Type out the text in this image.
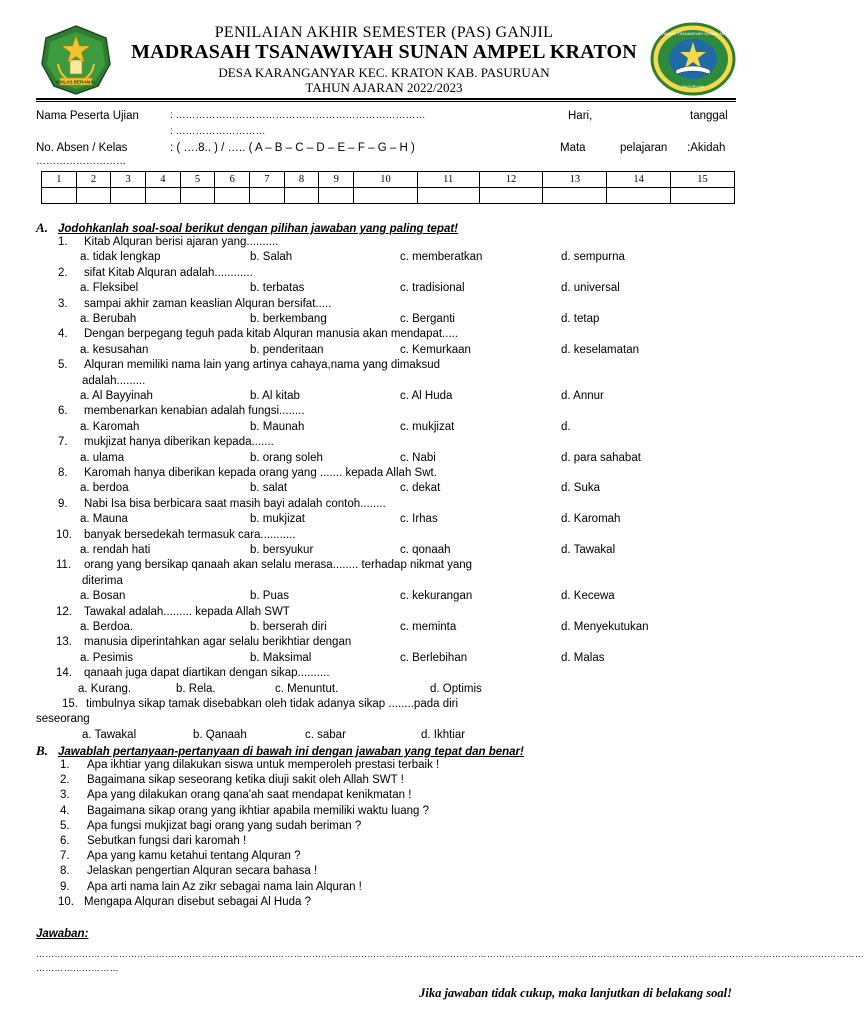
IKHLAS BERAMAL
PENILAIAN AKHIR SEMESTER (PAS) GANJIL
MADRASAH TSANAWIYAH SUNAN AMPEL KRATON
DESA KARANGANYAR KEC. KRATON KAB. PASURUAN
TAHUN AJARAN 2022/2023
MADRASAH TSANAWIYAH SUNAN AMPEL
PASURUAN
Nama Peserta Ujian	: …………………………………………………………………	Hari,	tanggal
: ………………………
No. Absen / Kelas	: ( ….8.. ) / ….. ( A – B – C – D – E – F – G – H )	Mata	pelajaran :Akidah
………………………
1	2	3	4	5	6	7	8	9	10	11	12	13	14	15

A. Jodohkanlah soal-soal berikut dengan pilihan jawaban yang paling tepat!
1. Kitab Alquran berisi ajaran yang..........
a. tidak lengkap	b. Salah	c. memberatkan	d. sempurna
2. sifat Kitab Alquran adalah............
a. Fleksibel	b. terbatas	c. tradisional	d. universal
3. sampai akhir zaman keaslian Alquran bersifat.....
a. Berubah	b. berkembang	c. Berganti	d. tetap
4. Dengan berpegang teguh pada kitab Alquran manusia akan mendapat.....
a. kesusahan	b. penderitaan	c. Kemurkaan	d. keselamatan
5. Alquran memiliki nama lain yang artinya cahaya,nama yang dimaksud
adalah.........
a. Al Bayyinah	b. Al kitab	c. Al Huda	d. Annur
6. membenarkan kenabian adalah fungsi........
a. Karomah	b. Maunah	c. mukjizat	d.
7. mukjizat hanya diberikan kepada.......
a. ulama	b. orang soleh	c. Nabi	d. para sahabat
8. Karomah hanya diberikan kepada orang yang ....... kepada Allah Swt.
a. berdoa	b. salat	c. dekat	d. Suka
9. Nabi Isa bisa berbicara saat masih bayi adalah contoh........
a. Mauna	b. mukjizat	c. Irhas	d. Karomah
10. banyak bersedekah termasuk cara...........
a. rendah hati	b. bersyukur	c. qonaah	d. Tawakal
11. orang yang bersikap qanaah akan selalu merasa........ terhadap nikmat yang
diterima
a. Bosan	b. Puas	c. kekurangan	d. Kecewa
12. Tawakal adalah......... kepada Allah SWT
a. Berdoa.	b. berserah diri	c. meminta	d. Menyekutukan
13. manusia diperintahkan agar selalu berikhtiar dengan
a. Pesimis	b. Maksimal	c. Berlebihan	d. Malas
14. qanaah juga dapat diartikan dengan sikap..........
a. Kurang.	b. Rela.	c. Menuntut.	d. Optimis
15. timbulnya sikap tamak disebabkan oleh tidak adanya sikap ........pada diri
seseorang
a. Tawakal	b. Qanaah	c. sabar	d. Ikhtiar
B. Jawablah pertanyaan-pertanyaan di bawah ini dengan jawaban yang tepat dan benar!
1. Apa ikhtiar yang dilakukan siswa untuk memperoleh prestasi terbaik !
2. Bagaimana sikap seseorang ketika diuji sakit oleh Allah SWT !
3. Apa yang dilakukan orang qana'ah saat mendapat kenikmatan !
4. Bagaimana sikap orang yang ikhtiar apabila memiliki waktu luang ?
5. Apa fungsi mukjizat bagi orang yang sudah beriman ?
6. Sebutkan fungsi dari karomah !
7. Apa yang kamu ketahui tentang Alquran ?
8. Jelaskan pengertian Alquran secara bahasa !
9. Apa arti nama lain Az zikr sebagai nama lain Alquran !
10. Mengapa Alquran disebut sebagai Al Huda ?
Jawaban:
………………………………………………………………………………………………………………………………………………………………………………………………………………………………………………
………………………
Jika jawaban tidak cukup, maka lanjutkan di belakang soal!
